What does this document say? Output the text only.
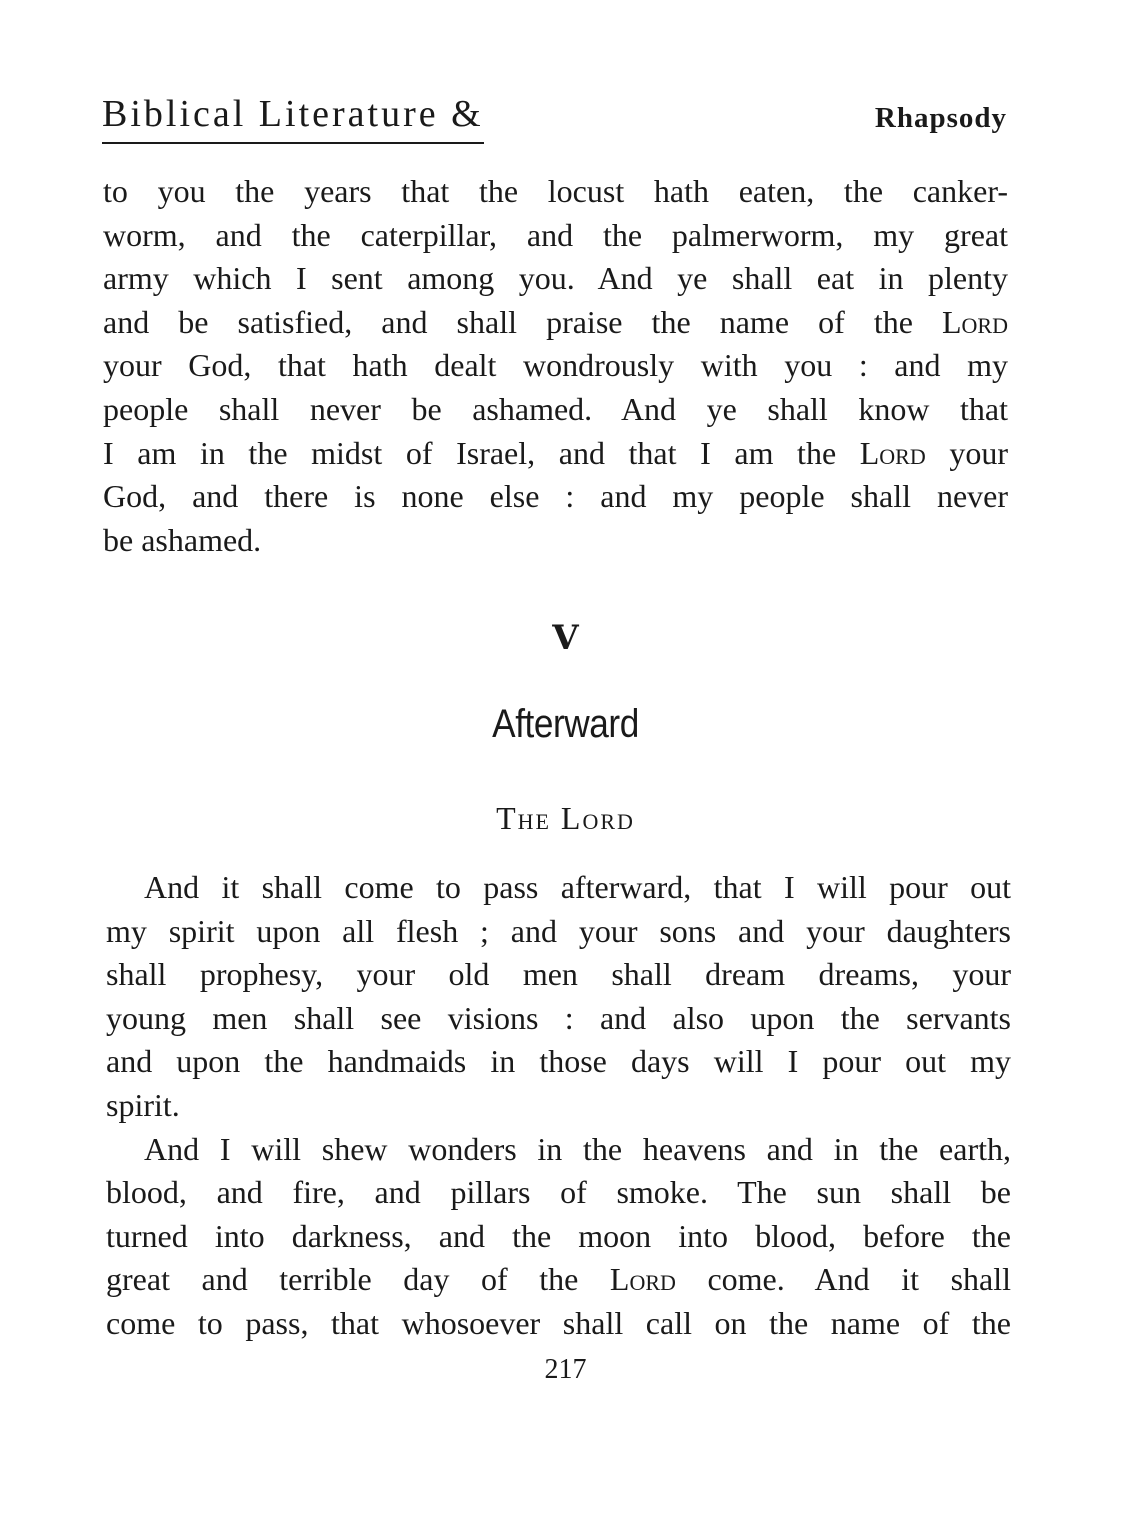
Biblical Literature &	Rhapsody
to you the years that the locust hath eaten, the canker-
worm, and the caterpillar, and the palmerworm, my great
army which I sent among you. And ye shall eat in plenty
and be satisfied, and shall praise the name of the Lord
your God, that hath dealt wondrously with you : and my
people shall never be ashamed. And ye shall know that
I am in the midst of Israel, and that I am the Lord your
God, and there is none else : and my people shall never
be ashamed.
V
Afterward
The Lord
And it shall come to pass afterward, that I will pour out
my spirit upon all flesh ; and your sons and your daughters
shall prophesy, your old men shall dream dreams, your
young men shall see visions : and also upon the servants
and upon the handmaids in those days will I pour out my
spirit.
And I will shew wonders in the heavens and in the earth,
blood, and fire, and pillars of smoke. The sun shall be
turned into darkness, and the moon into blood, before the
great and terrible day of the Lord come. And it shall
come to pass, that whosoever shall call on the name of the
217
